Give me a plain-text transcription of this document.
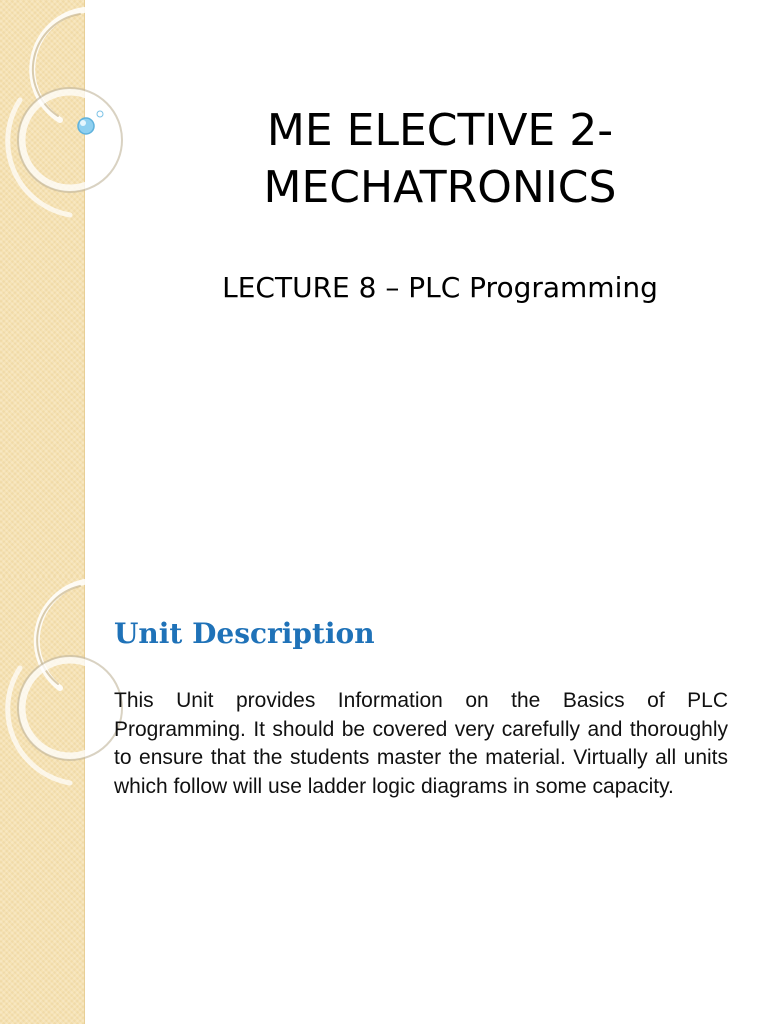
ME ELECTIVE 2-
MECHATRONICS

LECTURE 8 – PLC Programming

Unit Description

This Unit provides Information on the Basics of PLC Programming. It should be covered very carefully and thoroughly to ensure that the students master the material. Virtually all units which follow will use ladder logic diagrams in some capacity.
